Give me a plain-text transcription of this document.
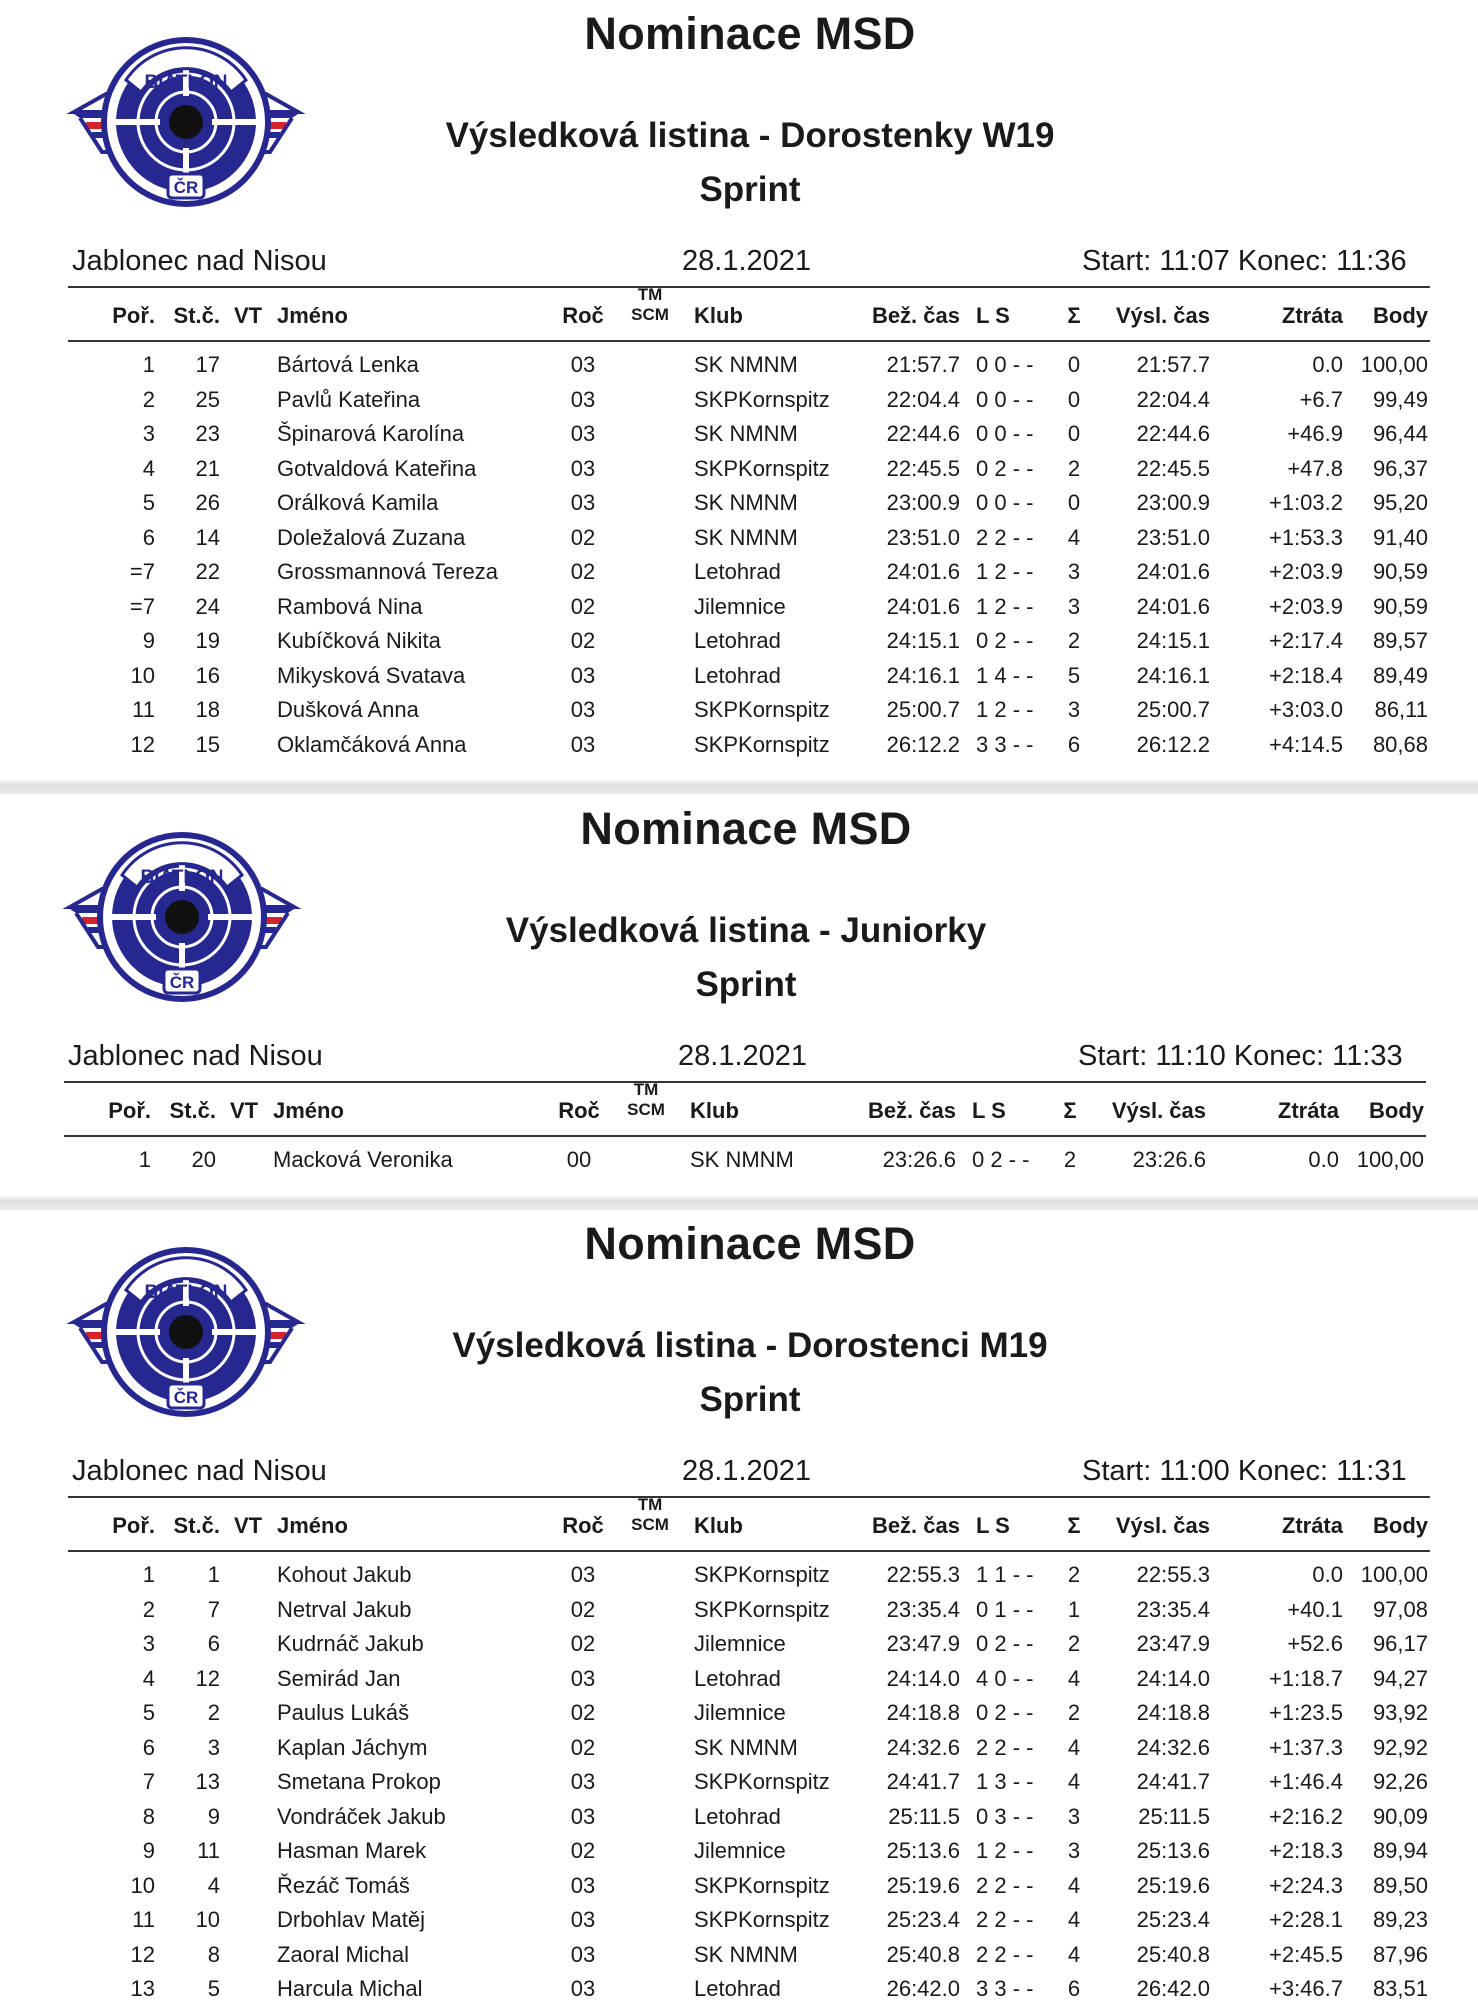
BIATLON
ČR
Nominace MSD
Výsledková listina - Dorostenky W19
Sprint
Jablonec nad Nisou	28.1.2021	Start: 11:07 Konec: 11:36
Poř. St.č. VT Jméno	Roč
TM
SCM	Klub	Bež. čas L S	Σ	Výsl. čas	Ztráta	Body
1	17	Bártová Lenka	03	SK NMNM	21:57.7 0 0 - -	0	21:57.7	0.0 100,00
2	25	Pavlů Kateřina	03	SKPKornspitz	22:04.4 0 0 - -	0	22:04.4	+6.7	99,49
3	23	Špinarová Karolína	03	SK NMNM	22:44.6 0 0 - -	0	22:44.6	+46.9	96,44
4	21	Gotvaldová Kateřina	03	SKPKornspitz	22:45.5 0 2 - -	2	22:45.5	+47.8	96,37
5	26	Orálková Kamila	03	SK NMNM	23:00.9 0 0 - -	0	23:00.9	+1:03.2	95,20
6	14	Doležalová Zuzana	02	SK NMNM	23:51.0 2 2 - -	4	23:51.0	+1:53.3	91,40
=7	22	Grossmannová Tereza	02	Letohrad	24:01.6 1 2 - -	3	24:01.6	+2:03.9	90,59
=7	24	Rambová Nina	02	Jilemnice	24:01.6 1 2 - -	3	24:01.6	+2:03.9	90,59
9	19	Kubíčková Nikita	02	Letohrad	24:15.1 0 2 - -	2	24:15.1	+2:17.4	89,57
10	16	Mikysková Svatava	03	Letohrad	24:16.1 1 4 - -	5	24:16.1	+2:18.4	89,49
11	18	Dušková Anna	03	SKPKornspitz	25:00.7 1 2 - -	3	25:00.7	+3:03.0	86,11
12	15	Oklamčáková Anna	03	SKPKornspitz	26:12.2 3 3 - -	6	26:12.2	+4:14.5	80,68
BIATLON
ČR
Nominace MSD
Výsledková listina - Juniorky
Sprint
Jablonec nad Nisou	28.1.2021	Start: 11:10 Konec: 11:33
Poř. St.č. VT Jméno	Roč
TM
SCM	Klub	Bež. čas L S	Σ	Výsl. čas	Ztráta	Body
1	20	Macková Veronika	00	SK NMNM	23:26.6 0 2 - -	2	23:26.6	0.0 100,00
BIATLON
ČR
Nominace MSD
Výsledková listina - Dorostenci M19
Sprint
Jablonec nad Nisou	28.1.2021	Start: 11:00 Konec: 11:31
Poř. St.č. VT Jméno	Roč
TM
SCM	Klub	Bež. čas L S	Σ	Výsl. čas	Ztráta	Body
1	1	Kohout Jakub	03	SKPKornspitz	22:55.3 1 1 - -	2	22:55.3	0.0 100,00
2	7	Netrval Jakub	02	SKPKornspitz	23:35.4 0 1 - -	1	23:35.4	+40.1	97,08
3	6	Kudrnáč Jakub	02	Jilemnice	23:47.9 0 2 - -	2	23:47.9	+52.6	96,17
4	12	Semirád Jan	03	Letohrad	24:14.0 4 0 - -	4	24:14.0	+1:18.7	94,27
5	2	Paulus Lukáš	02	Jilemnice	24:18.8 0 2 - -	2	24:18.8	+1:23.5	93,92
6	3	Kaplan Jáchym	02	SK NMNM	24:32.6 2 2 - -	4	24:32.6	+1:37.3	92,92
7	13	Smetana Prokop	03	SKPKornspitz	24:41.7 1 3 - -	4	24:41.7	+1:46.4	92,26
8	9	Vondráček Jakub	03	Letohrad	25:11.5 0 3 - -	3	25:11.5	+2:16.2	90,09
9	11	Hasman Marek	02	Jilemnice	25:13.6 1 2 - -	3	25:13.6	+2:18.3	89,94
10	4	Řezáč Tomáš	03	SKPKornspitz	25:19.6 2 2 - -	4	25:19.6	+2:24.3	89,50
11	10	Drbohlav Matěj	03	SKPKornspitz	25:23.4 2 2 - -	4	25:23.4	+2:28.1	89,23
12	8	Zaoral Michal	03	SK NMNM	25:40.8 2 2 - -	4	25:40.8	+2:45.5	87,96
13	5	Harcula Michal	03	Letohrad	26:42.0 3 3 - -	6	26:42.0	+3:46.7	83,51
